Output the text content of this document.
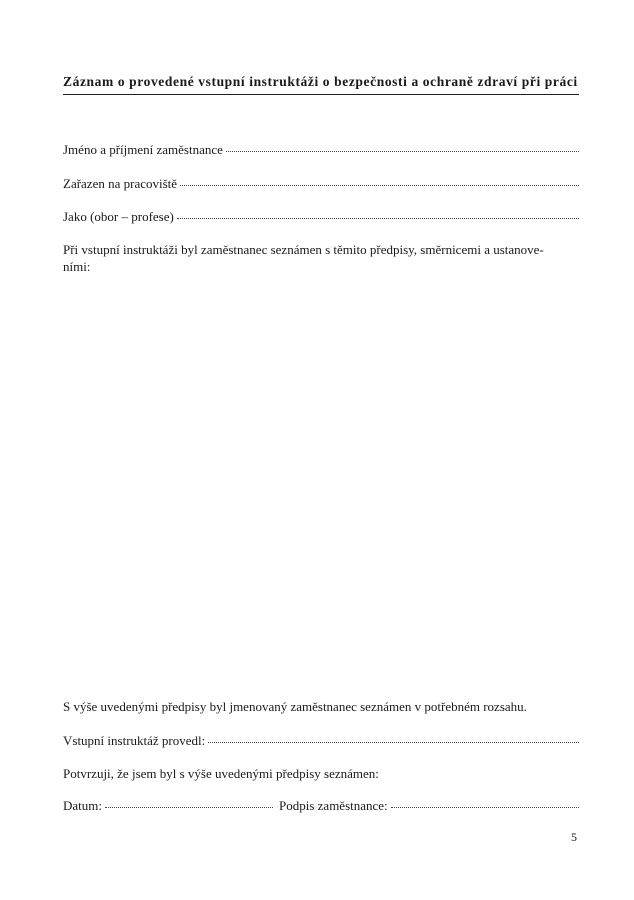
Záznam o provedené vstupní instruktáži o bezpečnosti a ochraně zdraví při práci
Jméno a příjmení zaměstnance
Zařazen na pracoviště
Jako (obor – profese)
Při vstupní instruktáži byl zaměstnanec seznámen s těmito předpisy, směrnicemi a ustanove-
ními:
S výše uvedenými předpisy byl jmenovaný zaměstnanec seznámen v potřebném rozsahu.
Vstupní instruktáž provedl:
Potvrzuji, že jsem byl s výše uvedenými předpisy seznámen:
Datum:	Podpis zaměstnance:
5
